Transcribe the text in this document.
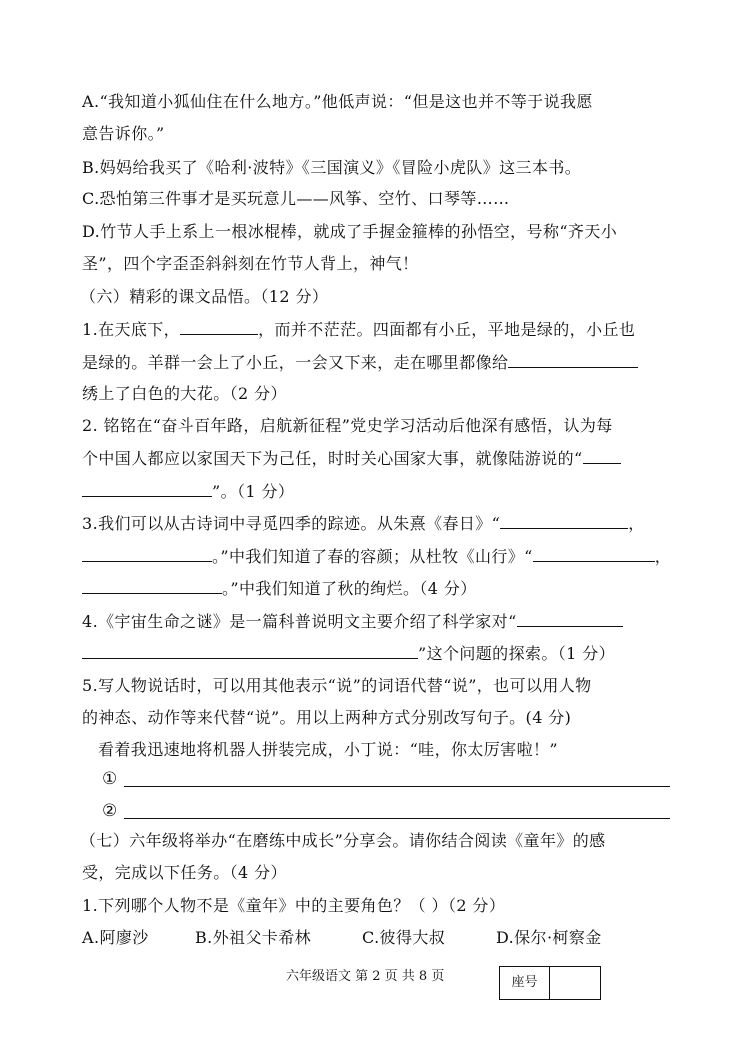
A.“我知道小狐仙住在什么地方。”他低声说：“但是这也并不等于说我愿
意告诉你。”
B.妈妈给我买了《哈利·波特》《三国演义》《冒险小虎队》这三本书。
C.恐怕第三件事才是买玩意儿——风筝、空竹、口琴等……
D.竹节人手上系上一根冰棍棒，就成了手握金箍棒的孙悟空，号称“齐天小
圣”，四个字歪歪斜斜刻在竹节人背上，神气！
（六）精彩的课文品悟。（12 分）
1.在天底下，	，而并不茫茫。四面都有小丘，平地是绿的，小丘也
是绿的。羊群一会上了小丘，一会又下来，走在哪里都像给
绣上了白色的大花。（2 分）
2. 铭铭在“奋斗百年路，启航新征程”党史学习活动后他深有感悟，认为每
个中国人都应以家国天下为己任，时时关心国家大事，就像陆游说的“
”。（1 分）
3.我们可以从古诗词中寻觅四季的踪迹。从朱熹《春日》“	，
。”中我们知道了春的容颜；从杜牧《山行》“	，
。”中我们知道了秋的绚烂。（4 分）
4.《宇宙生命之谜》是一篇科普说明文主要介绍了科学家对“
”这个问题的探索。（1 分）
5.写人物说话时，可以用其他表示“说”的词语代替“说”，也可以用人物
的神态、动作等来代替“说”。用以上两种方式分别改写句子。(4 分)
看着我迅速地将机器人拼装完成，小丁说：“哇，你太厉害啦！”
①
②
（七）六年级将举办“在磨练中成长”分享会。请你结合阅读《童年》的感
受，完成以下任务。（4 分）
1.下列哪个人物不是《童年》中的主要角色？（ ）（2 分）
A.阿廖沙	B.外祖父卡希林	C.彼得大叔	D.保尔·柯察金
六年级语文 第 2 页 共 8 页	座号
